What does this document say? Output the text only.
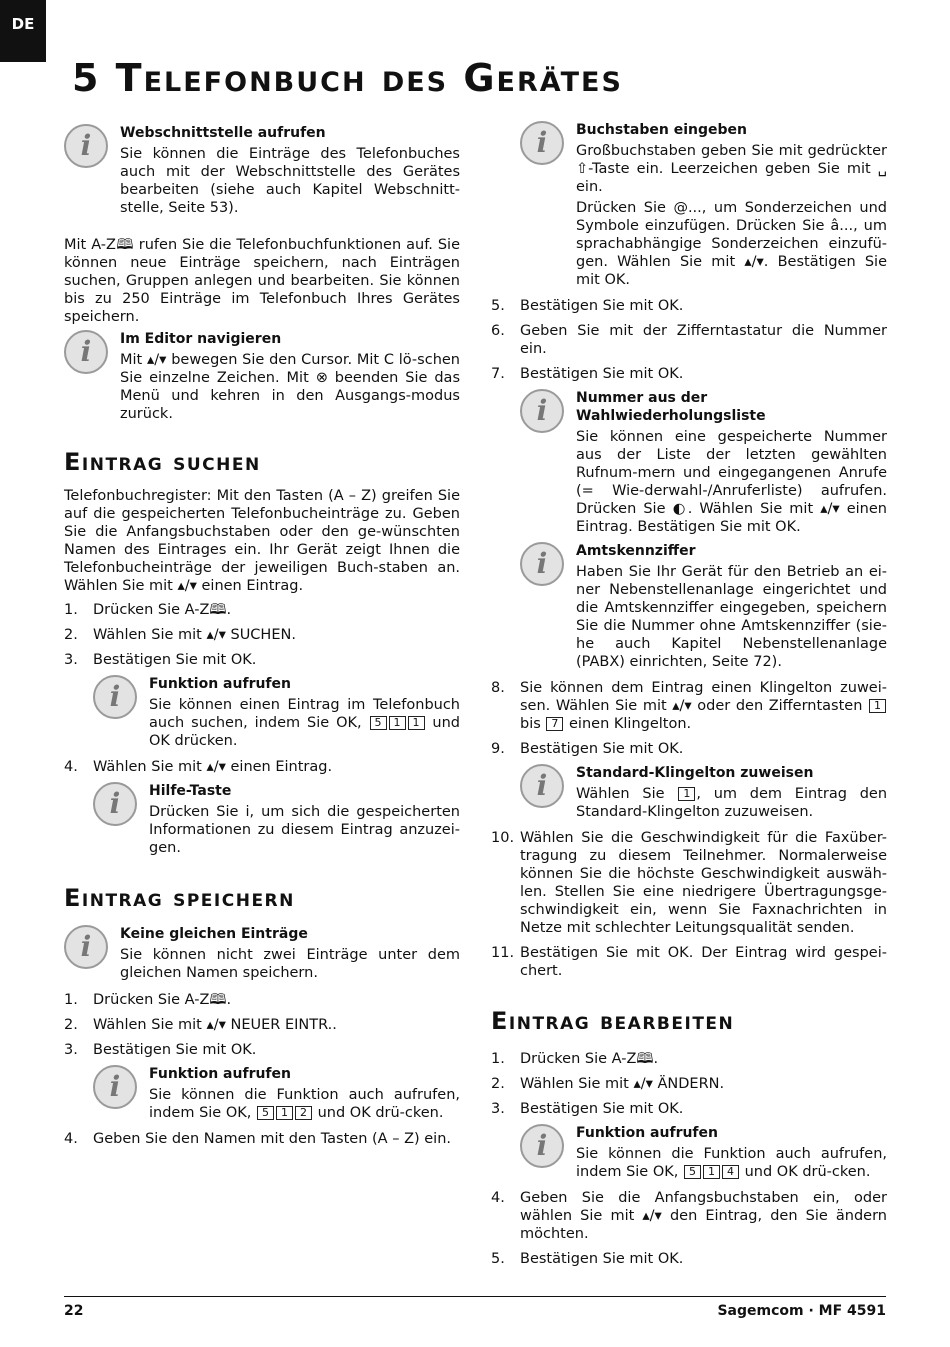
DE
5 Telefonbuch des Gerätes
i	Webschnittstelle aufrufen

Sie können die Einträge des Telefonbuches auch mit der Webschnittstelle des Gerätes bearbeiten (siehe auch Kapitel Webschnitt-stelle, Seite 53).

Mit A-Z🕮 rufen Sie die Telefonbuchfunktionen auf. Sie können neue Einträge speichern, nach Einträgen suchen, Gruppen anlegen und bearbeiten. Sie können bis zu 250 Einträge im Telefonbuch Ihres Gerätes speichern.

i	Im Editor navigieren

Mit ▴/▾ bewegen Sie den Cursor. Mit C lö-schen Sie einzelne Zeichen. Mit ⊗ beenden Sie das Menü und kehren in den Ausgangs-modus zurück.

Eintrag suchen

Telefonbuchregister: Mit den Tasten (A – Z) greifen Sie auf die gespeicherten Telefonbucheinträge zu. Geben Sie die Anfangsbuchstaben oder den ge-wünschten Namen des Eintrages ein. Ihr Gerät zeigt Ihnen die Telefonbucheinträge der jeweiligen Buch-staben an. Wählen Sie mit ▴/▾ einen Eintrag.

1. Drücken Sie A-Z🕮.
2. Wählen Sie mit ▴/▾ SUCHEN.
3. Bestätigen Sie mit OK.
i	Funktion aufrufen

Sie können einen Eintrag im Telefonbuch auch suchen, indem Sie OK, 5 1 1 und OK drücken.

4. Wählen Sie mit ▴/▾ einen Eintrag.
i	Hilfe-Taste

Drücken Sie i, um sich die gespeicherten Informationen zu diesem Eintrag anzuzei-gen.

Eintrag speichern
i	Keine gleichen Einträge

Sie können nicht zwei Einträge unter dem gleichen Namen speichern.

1. Drücken Sie A-Z🕮.
2. Wählen Sie mit ▴/▾ NEUER EINTR..
3. Bestätigen Sie mit OK.
i	Funktion aufrufen

Sie können die Funktion auch aufrufen, indem Sie OK, 5 1 2 und OK drü-cken.

4. Geben Sie den Namen mit den Tasten (A – Z) ein.
i	Buchstaben eingeben

Großbuchstaben geben Sie mit gedrückter ⇧-Taste ein. Leerzeichen geben Sie mit ␣ ein.

Drücken Sie @..., um Sonderzeichen und Symbole einzufügen. Drücken Sie â..., um sprachabhängige Sonderzeichen einzufü-gen. Wählen Sie mit ▴/▾. Bestätigen Sie mit OK.

5. Bestätigen Sie mit OK.
6. Geben Sie mit der Zifferntastatur die Nummer ein.
7. Bestätigen Sie mit OK.
i	Nummer aus der Wahlwiederholungsliste

Sie können eine gespeicherte Nummer aus der Liste der letzten gewählten Rufnum-mern und eingegangenen Anrufe (= Wie-derwahl-/Anruferliste) aufrufen. Drücken Sie ◐. Wählen Sie mit ▴/▾ einen Eintrag. Bestätigen Sie mit OK.

i	Amtskennziffer

Haben Sie Ihr Gerät für den Betrieb an ei-ner Nebenstellenanlage eingerichtet und die Amtskennziffer eingegeben, speichern Sie die Nummer ohne Amtskennziffer (sie-he auch Kapitel Nebenstellenanlage (PABX) einrichten, Seite 72).

8. Sie können dem Eintrag einen Klingelton zuwei-sen. Wählen Sie mit ▴/▾ oder den Zifferntasten 1 bis 7 einen Klingelton.
9. Bestätigen Sie mit OK.
i	Standard-Klingelton zuweisen

Wählen Sie 1 , um dem Eintrag den Standard-Klingelton zuzuweisen.

10. Wählen Sie die Geschwindigkeit für die Faxüber-tragung zu diesem Teilnehmer. Normalerweise können Sie die höchste Geschwindigkeit auswäh-len. Stellen Sie eine niedrigere Übertragungsge-schwindigkeit ein, wenn Sie Faxnachrichten in Netze mit schlechter Leitungsqualität senden.
11. Bestätigen Sie mit OK. Der Eintrag wird gespei-chert.
Eintrag bearbeiten
1. Drücken Sie A-Z🕮.
2. Wählen Sie mit ▴/▾ ÄNDERN.
3. Bestätigen Sie mit OK.
i	Funktion aufrufen

Sie können die Funktion auch aufrufen, indem Sie OK, 5 1 4 und OK drü-cken.

4. Geben Sie die Anfangsbuchstaben ein, oder wählen Sie mit ▴/▾ den Eintrag, den Sie ändern möchten.
5. Bestätigen Sie mit OK.
22	Sagemcom · MF 4591
